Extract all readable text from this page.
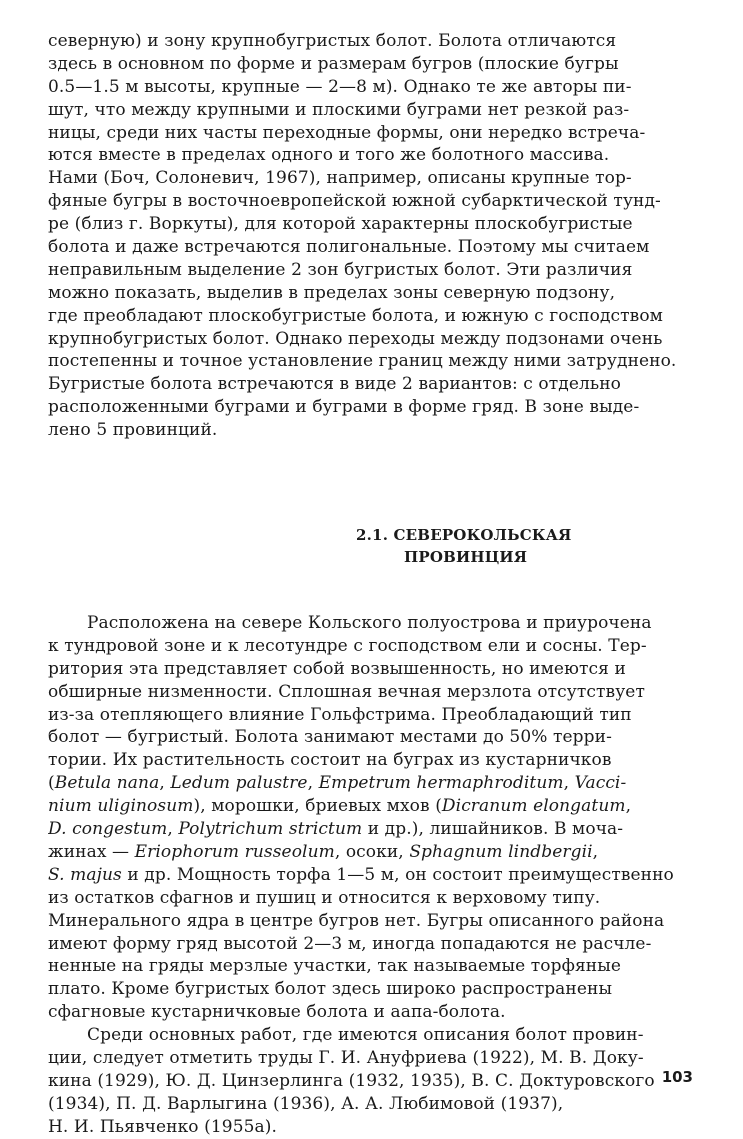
северную) и зону крупнобугристых болот. Болота отличаются
здесь в основном по форме и размерам бугров (плоские бугры
0.5—1.5 м высоты, крупные — 2—8 м). Однако те же авторы пи-
шут, что между крупными и плоскими буграми нет резкой раз-
ницы, среди них часты переходные формы, они нередко встреча-
ются вместе в пределах одного и того же болотного массива.
Нами (Боч, Солоневич, 1967), например, описаны крупные тор-
фяные бугры в восточноевропейской южной субарктической тунд-
ре (близ г. Воркуты), для которой характерны плоскобугристые
болота и даже встречаются полигональные. Поэтому мы считаем
неправильным выделение 2 зон бугристых болот. Эти различия
можно показать, выделив в пределах зоны северную подзону,
где преобладают плоскобугристые болота, и южную с господством
крупнобугристых болот. Однако переходы между подзонами очень
постепенны и точное установление границ между ними затруднено.
Бугристые болота встречаются в виде 2 вариантов: с отдельно
расположенными буграми и буграми в форме гряд. В зоне выде-
лено 5 провинций.
2.1. СЕВЕРОКОЛЬСКАЯ
ПРОВИНЦИЯ
Расположена на севере Кольского полуострова и приурочена
к тундровой зоне и к лесотундре с господством ели и сосны. Тер-
ритория эта представляет собой возвышенность, но имеются и
обширные низменности. Сплошная вечная мерзлота отсутствует
из-за отепляющего влияние Гольфстрима. Преобладающий тип
болот — бугристый. Болота занимают местами до 50% терри-
тории. Их растительность состоит на буграх из кустарничков
(Betula nana, Ledum palustre, Empetrum hermaphroditum, Vacci-
nium uliginosum), морошки, бриевых мхов (Dicranum elongatum,
D. congestum, Polytrichum strictum и др.), лишайников. В моча-
жинах — Eriophorum russeolum, осоки, Sphagnum lindbergii,
S. majus и др. Мощность торфа 1—5 м, он состоит преимущественно
из остатков сфагнов и пушиц и относится к верховому типу.
Минерального ядра в центре бугров нет. Бугры описанного района
имеют форму гряд высотой 2—3 м, иногда попадаются не расчле-
ненные на гряды мерзлые участки, так называемые торфяные
плато. Кроме бугристых болот здесь широко распространены
сфагновые кустарничковые болота и аапа-болота.
Среди основных работ, где имеются описания болот провин-
ции, следует отметить труды Г. И. Ануфриева (1922), М. В. Доку-
кина (1929), Ю. Д. Цинзерлинга (1932, 1935), В. С. Доктуровского
(1934), П. Д. Варлыгина (1936), А. А. Любимовой (1937),
Н. И. Пьявченко (1955а).
103
